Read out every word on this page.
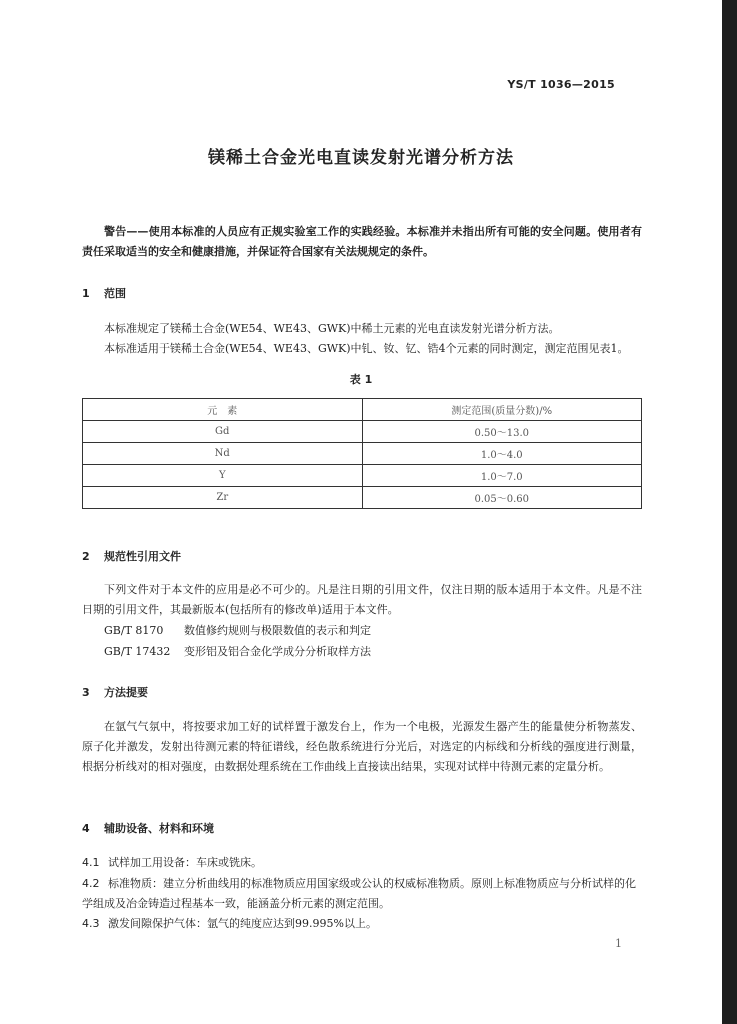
YS/T 1036—2015
镁稀土合金光电直读发射光谱分析方法
警告——使用本标准的人员应有正规实验室工作的实践经验。本标准并未指出所有可能的安全问题。使用者有责任采取适当的安全和健康措施，并保证符合国家有关法规规定的条件。
1 范围
本标准规定了镁稀土合金(WE54、WE43、GWK)中稀土元素的光电直读发射光谱分析方法。
本标准适用于镁稀土合金(WE54、WE43、GWK)中钆、钕、钇、锆4个元素的同时测定，测定范围见表1。
表 1
元　素	测定范围(质量分数)/%
Gd	0.50～13.0
Nd	1.0～4.0
Y	1.0～7.0
Zr	0.05～0.60
2 规范性引用文件
下列文件对于本文件的应用是必不可少的。凡是注日期的引用文件，仅注日期的版本适用于本文件。凡是不注日期的引用文件，其最新版本(包括所有的修改单)适用于本文件。
GB/T 8170 数值修约规则与极限数值的表示和判定
GB/T 17432 变形铝及铝合金化学成分分析取样方法
3 方法提要
在氩气气氛中，将按要求加工好的试样置于激发台上，作为一个电极，光源发生器产生的能量使分析物蒸发、原子化并激发，发射出待测元素的特征谱线，经色散系统进行分光后，对选定的内标线和分析线的强度进行测量，根据分析线对的相对强度，由数据处理系统在工作曲线上直接读出结果，实现对试样中待测元素的定量分析。
4 辅助设备、材料和环境
4.1 试样加工用设备：车床或铣床。
4.2 标准物质：建立分析曲线用的标准物质应用国家级或公认的权威标准物质。原则上标准物质应与分析试样的化学组成及冶金铸造过程基本一致，能涵盖分析元素的测定范围。
4.3 激发间隙保护气体：氩气的纯度应达到99.995%以上。
1
